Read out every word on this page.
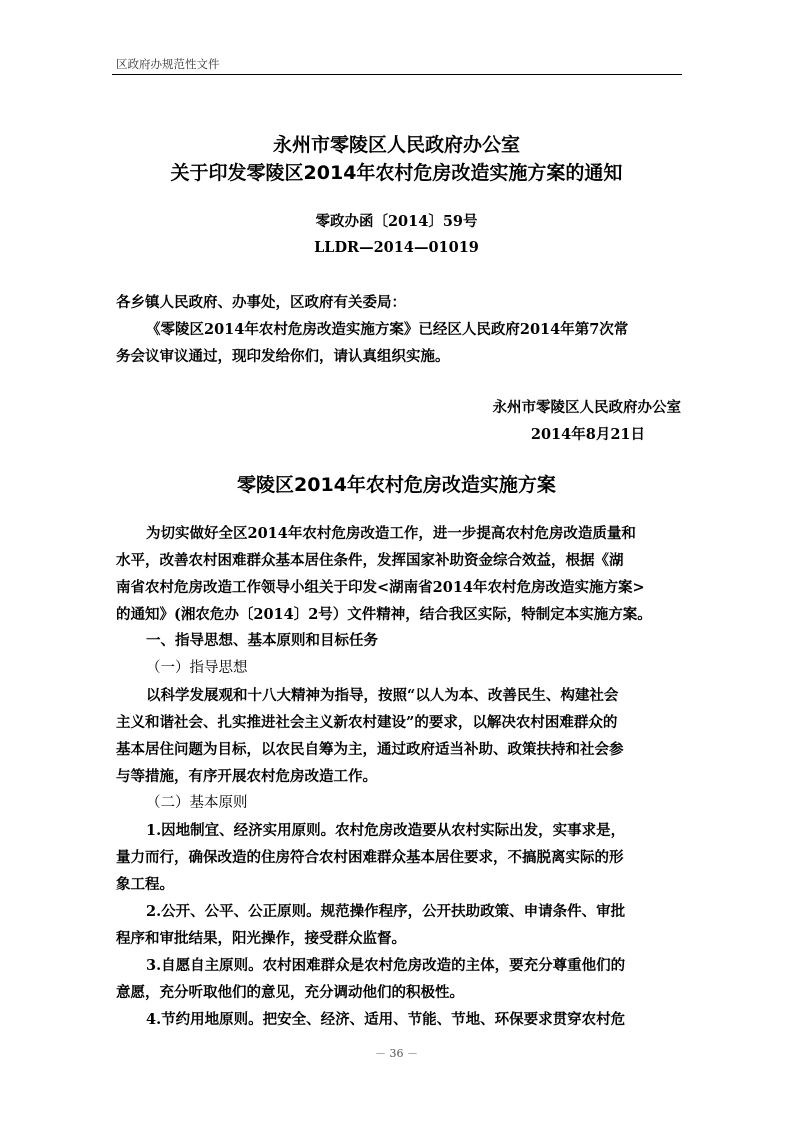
区政府办规范性文件
永州市零陵区人民政府办公室
关于印发零陵区2014年农村危房改造实施方案的通知
零政办函〔2014〕59号
LLDR—2014—01019
各乡镇人民政府、办事处，区政府有关委局：
《零陵区2014年农村危房改造实施方案》已经区人民政府2014年第7次常
务会议审议通过，现印发给你们，请认真组织实施。
永州市零陵区人民政府办公室
2014年8月21日
零陵区2014年农村危房改造实施方案
为切实做好全区2014年农村危房改造工作，进一步提高农村危房改造质量和
水平，改善农村困难群众基本居住条件，发挥国家补助资金综合效益，根据《湖
南省农村危房改造工作领导小组关于印发<湖南省2014年农村危房改造实施方案>
的通知》(湘农危办〔2014〕2号）文件精神，结合我区实际，特制定本实施方案。
一、指导思想、基本原则和目标任务
（一）指导思想
以科学发展观和十八大精神为指导，按照“以人为本、改善民生、构建社会
主义和谐社会、扎实推进社会主义新农村建设”的要求，以解决农村困难群众的
基本居住问题为目标，以农民自筹为主，通过政府适当补助、政策扶持和社会参
与等措施，有序开展农村危房改造工作。
（二）基本原则
1.因地制宜、经济实用原则。农村危房改造要从农村实际出发，实事求是，
量力而行，确保改造的住房符合农村困难群众基本居住要求，不搞脱离实际的形
象工程。
2.公开、公平、公正原则。规范操作程序，公开扶助政策、申请条件、审批
程序和审批结果，阳光操作，接受群众监督。
3.自愿自主原则。农村困难群众是农村危房改造的主体，要充分尊重他们的
意愿，充分听取他们的意见，充分调动他们的积极性。
4.节约用地原则。把安全、经济、适用、节能、节地、环保要求贯穿农村危
－ 36 －
